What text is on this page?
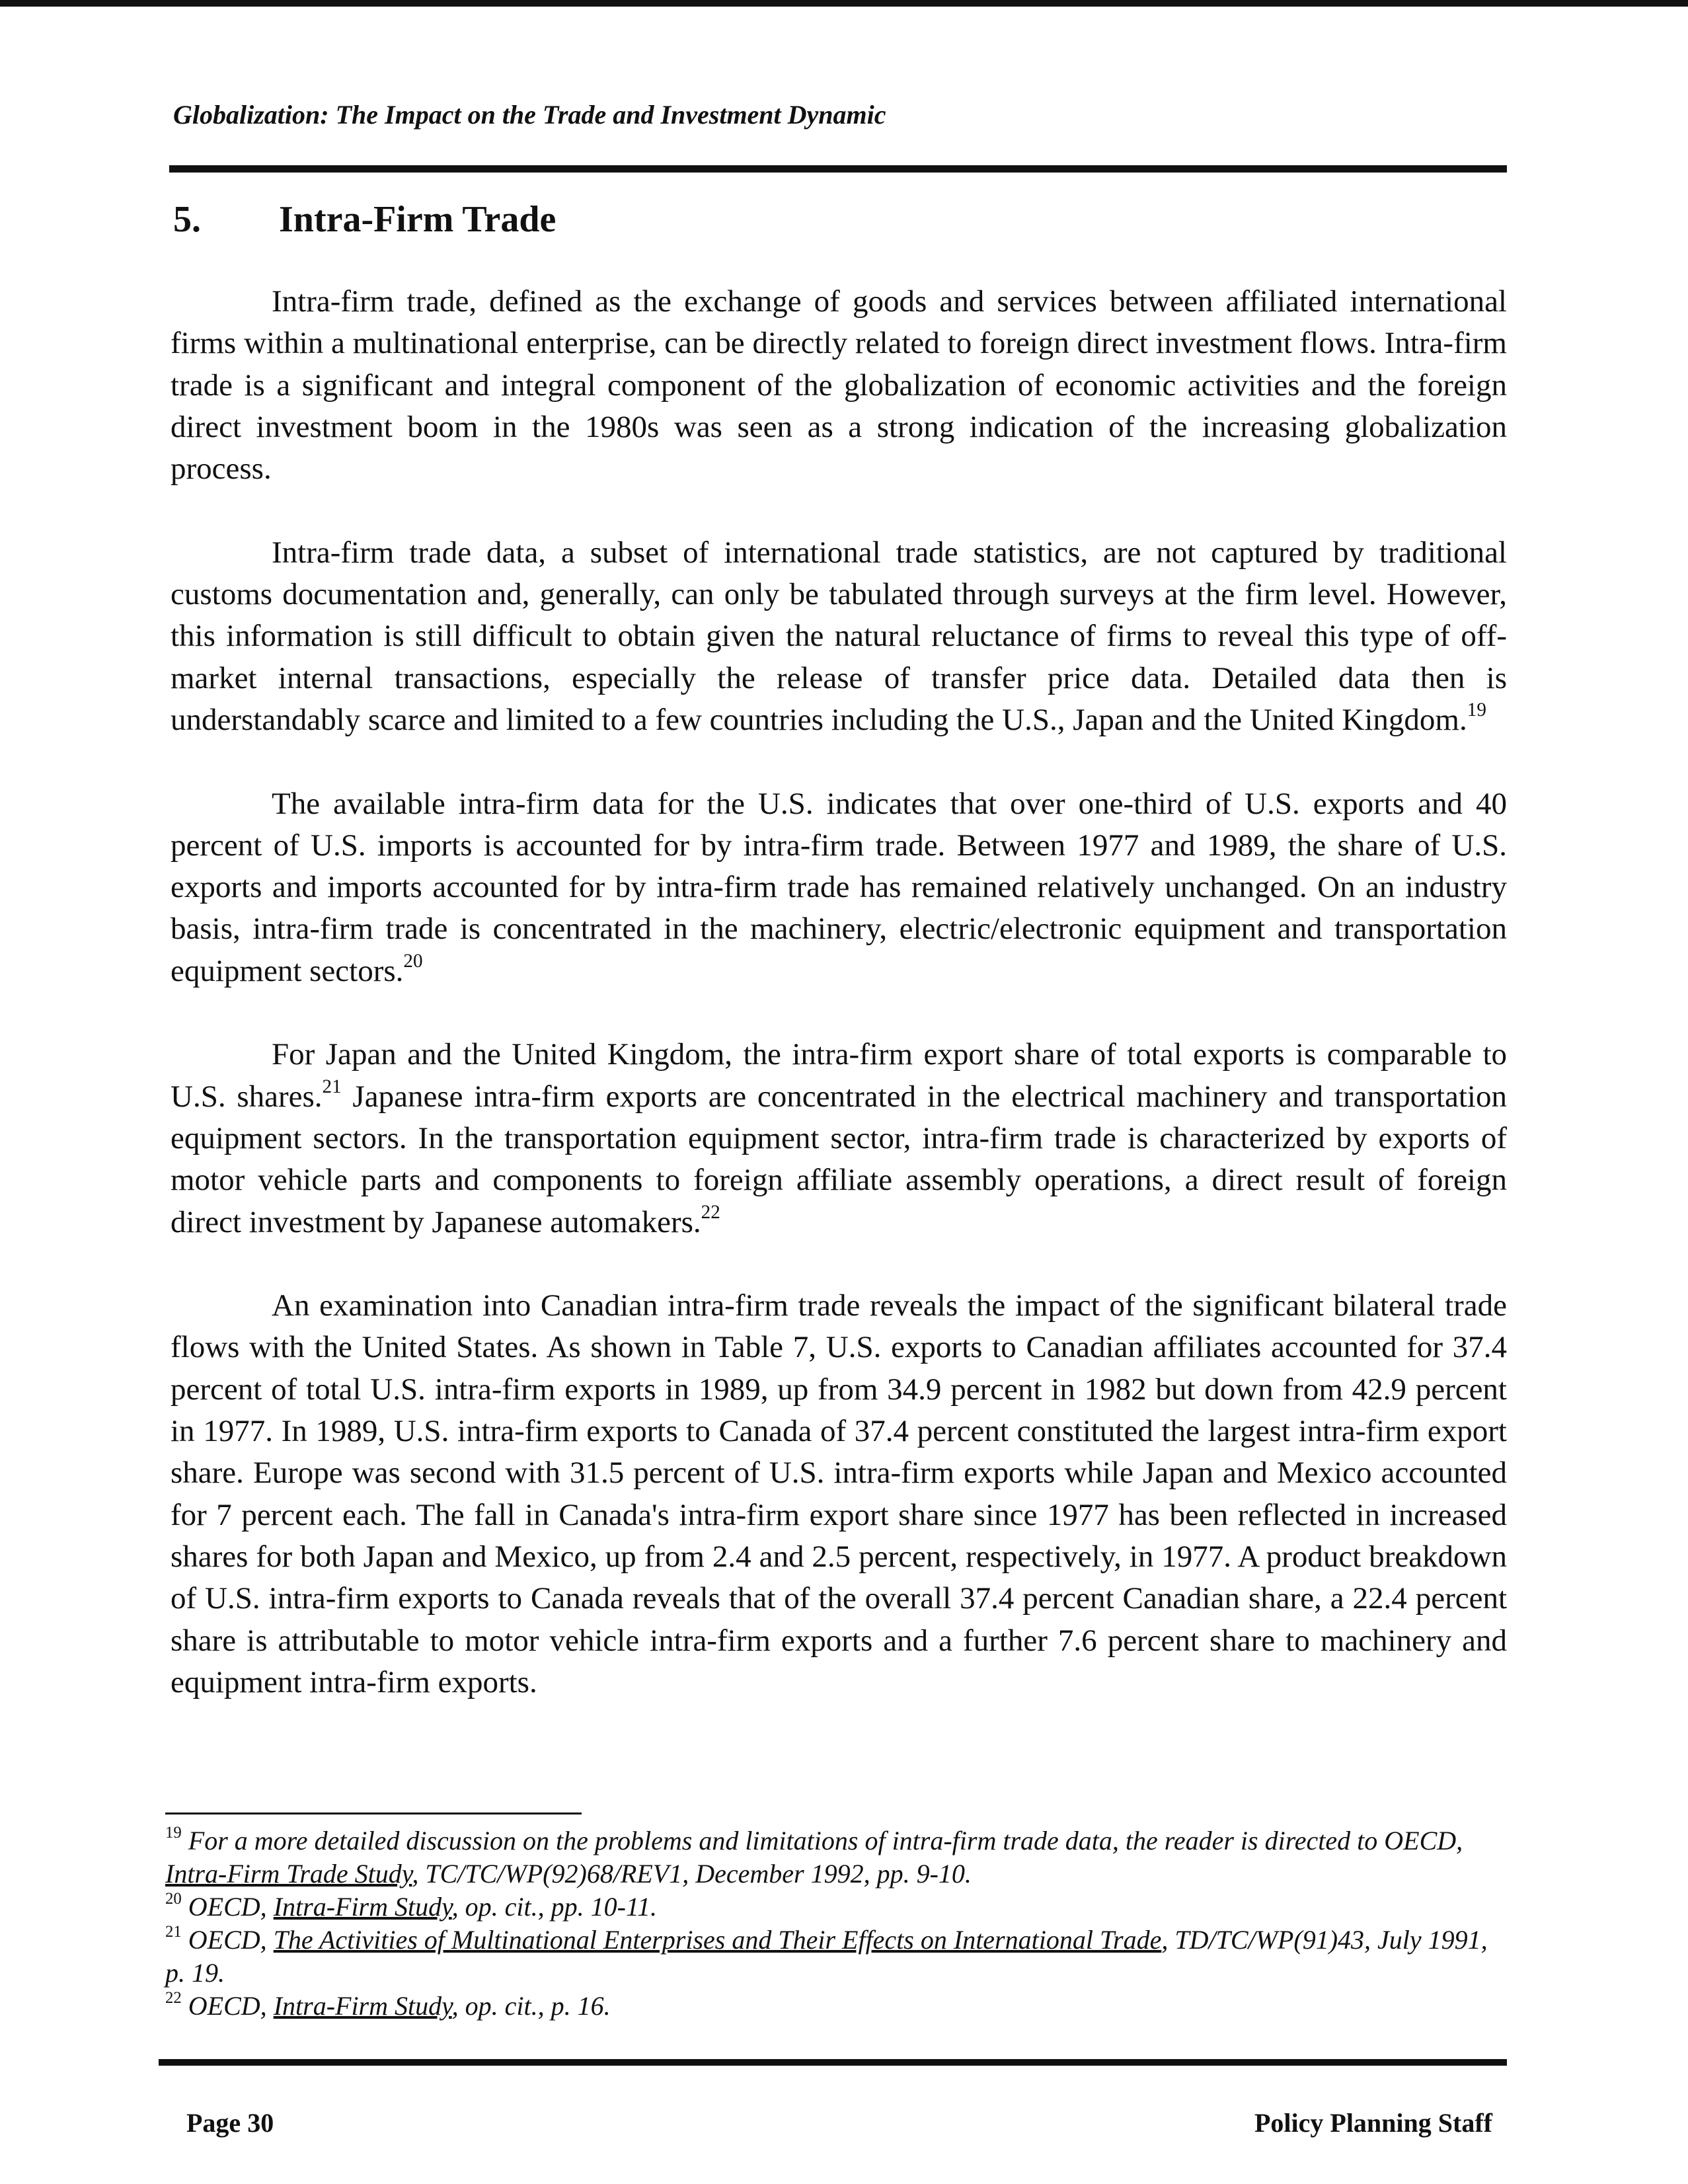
Globalization: The Impact on the Trade and Investment Dynamic
5. Intra-Firm Trade

Intra-firm trade, defined as the exchange of goods and services between affiliated international firms within a multinational enterprise, can be directly related to foreign direct investment flows. Intra-firm trade is a significant and integral component of the globalization of economic activities and the foreign direct investment boom in the 1980s was seen as a strong indication of the increasing globalization process.

Intra-firm trade data, a subset of international trade statistics, are not captured by traditional customs documentation and, generally, can only be tabulated through surveys at the firm level. However, this information is still difficult to obtain given the natural reluctance of firms to reveal this type of off-market internal transactions, especially the release of transfer price data. Detailed data then is understandably scarce and limited to a few countries including the U.S., Japan and the United Kingdom.$^{19}$

The available intra-firm data for the U.S. indicates that over one-third of U.S. exports and 40 percent of U.S. imports is accounted for by intra-firm trade. Between 1977 and 1989, the share of U.S. exports and imports accounted for by intra-firm trade has remained relatively unchanged. On an industry basis, intra-firm trade is concentrated in the machinery, electric/electronic equipment and transportation equipment sectors.$^{20}$

For Japan and the United Kingdom, the intra-firm export share of total exports is comparable to U.S. shares.$^{21}$ Japanese intra-firm exports are concentrated in the electrical machinery and transportation equipment sectors. In the transportation equipment sector, intra-firm trade is characterized by exports of motor vehicle parts and components to foreign affiliate assembly operations, a direct result of foreign direct investment by Japanese automakers.$^{22}$

An examination into Canadian intra-firm trade reveals the impact of the significant bilateral trade flows with the United States. As shown in Table 7, U.S. exports to Canadian affiliates accounted for 37.4 percent of total U.S. intra-firm exports in 1989, up from 34.9 percent in 1982 but down from 42.9 percent in 1977. In 1989, U.S. intra-firm exports to Canada of 37.4 percent constituted the largest intra-firm export share. Europe was second with 31.5 percent of U.S. intra-firm exports while Japan and Mexico accounted for 7 percent each. The fall in Canada's intra-firm export share since 1977 has been reflected in increased shares for both Japan and Mexico, up from 2.4 and 2.5 percent, respectively, in 1977. A product breakdown of U.S. intra-firm exports to Canada reveals that of the overall 37.4 percent Canadian share, a 22.4 percent share is attributable to motor vehicle intra-firm exports and a further 7.6 percent share to machinery and equipment intra-firm exports.

$^{19}$ For a more detailed discussion on the problems and limitations of intra-firm trade data, the reader is directed to OECD, Intra-Firm Trade Study, TC/TC/WP(92)68/REV1, December 1992, pp. 9-10.

$^{20}$ OECD, Intra-Firm Study, op. cit., pp. 10-11.

$^{21}$ OECD, The Activities of Multinational Enterprises and Their Effects on International Trade, TD/TC/WP(91)43, July 1991, p. 19.

$^{22}$ OECD, Intra-Firm Study, op. cit., p. 16.

Page 30	Policy Planning Staff
